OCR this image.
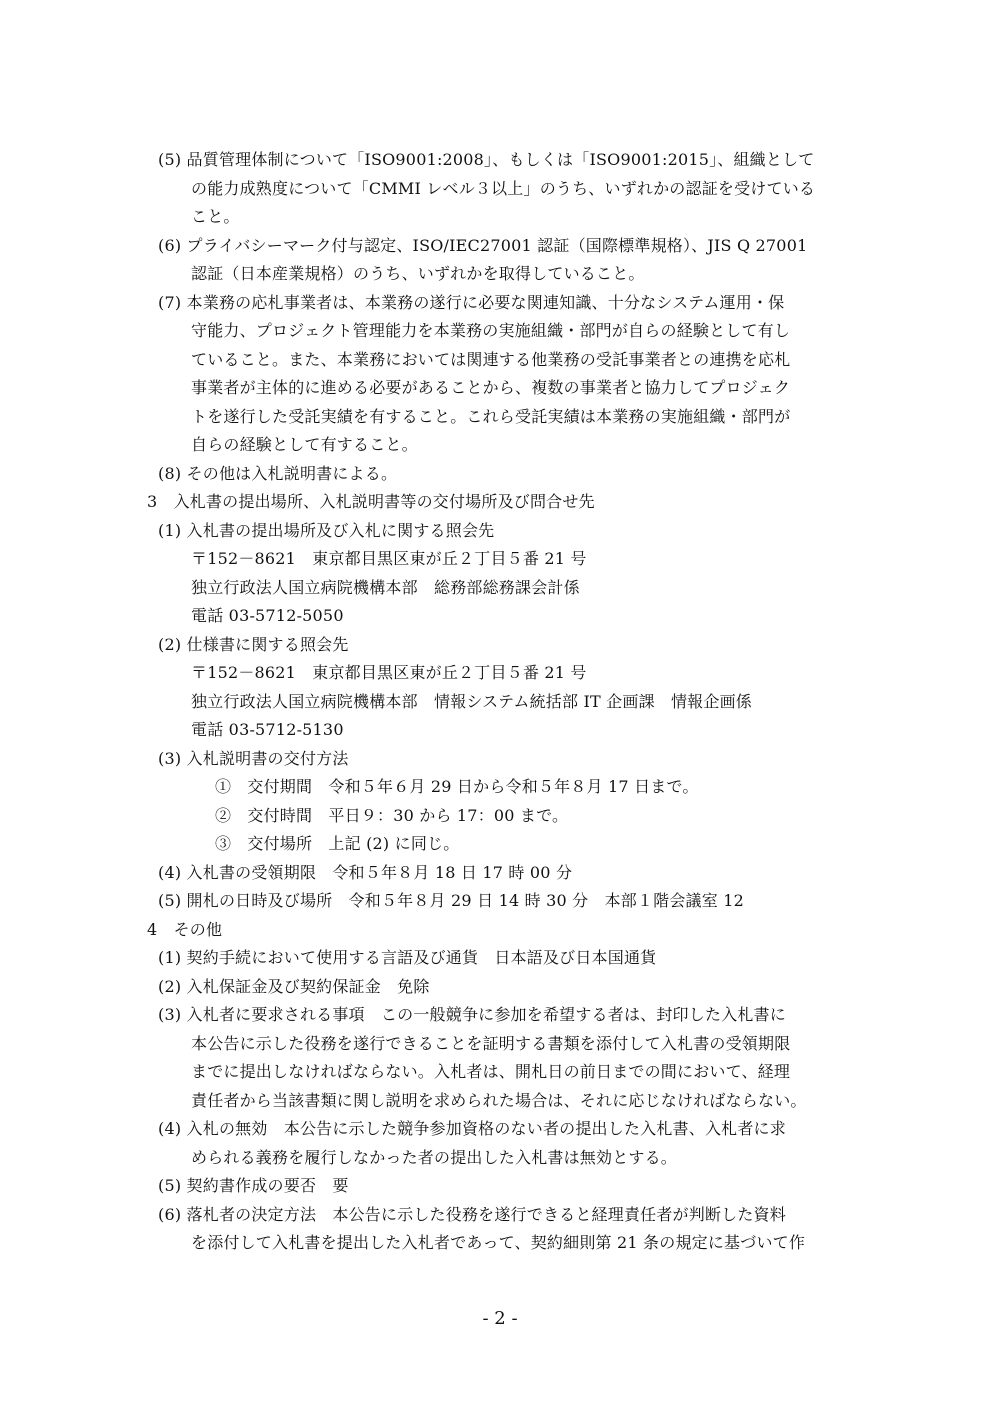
(5) 品質管理体制について「ISO9001:2008」、もしくは「ISO9001:2015」、組織として
の能力成熟度について「CMMI レベル３以上」のうち、いずれかの認証を受けている
こと。
(6) プライバシーマーク付与認定、ISO/IEC27001 認証（国際標準規格）、JIS Q 27001
認証（日本産業規格）のうち、いずれかを取得していること。
(7) 本業務の応札事業者は、本業務の遂行に必要な関連知識、十分なシステム運用・保
守能力、プロジェクト管理能力を本業務の実施組織・部門が自らの経験として有し
ていること。また、本業務においては関連する他業務の受託事業者との連携を応札
事業者が主体的に進める必要があることから、複数の事業者と協力してプロジェク
トを遂行した受託実績を有すること。これら受託実績は本業務の実施組織・部門が
自らの経験として有すること。
(8) その他は入札説明書による。
3　入札書の提出場所、入札説明書等の交付場所及び問合せ先
(1) 入札書の提出場所及び入札に関する照会先
〒152－8621　東京都目黒区東が丘２丁目５番 21 号
独立行政法人国立病院機構本部　総務部総務課会計係
電話 03-5712-5050
(2) 仕様書に関する照会先
〒152－8621　東京都目黒区東が丘２丁目５番 21 号
独立行政法人国立病院機構本部　情報システム統括部 IT 企画課　情報企画係
電話 03-5712-5130
(3) 入札説明書の交付方法
①　交付期間　令和５年６月 29 日から令和５年８月 17 日まで。
②　交付時間　平日９：30 から 17：00 まで。
③　交付場所　上記 (2) に同じ。
(4) 入札書の受領期限　令和５年８月 18 日 17 時 00 分
(5) 開札の日時及び場所　令和５年８月 29 日 14 時 30 分　本部１階会議室 12
4　その他
(1) 契約手続において使用する言語及び通貨　日本語及び日本国通貨
(2) 入札保証金及び契約保証金　免除
(3) 入札者に要求される事項　この一般競争に参加を希望する者は、封印した入札書に
本公告に示した役務を遂行できることを証明する書類を添付して入札書の受領期限
までに提出しなければならない。入札者は、開札日の前日までの間において、経理
責任者から当該書類に関し説明を求められた場合は、それに応じなければならない。
(4) 入札の無効　本公告に示した競争参加資格のない者の提出した入札書、入札者に求
められる義務を履行しなかった者の提出した入札書は無効とする。
(5) 契約書作成の要否　要
(6) 落札者の決定方法　本公告に示した役務を遂行できると経理責任者が判断した資料
を添付して入札書を提出した入札者であって、契約細則第 21 条の規定に基づいて作
- 2 -
